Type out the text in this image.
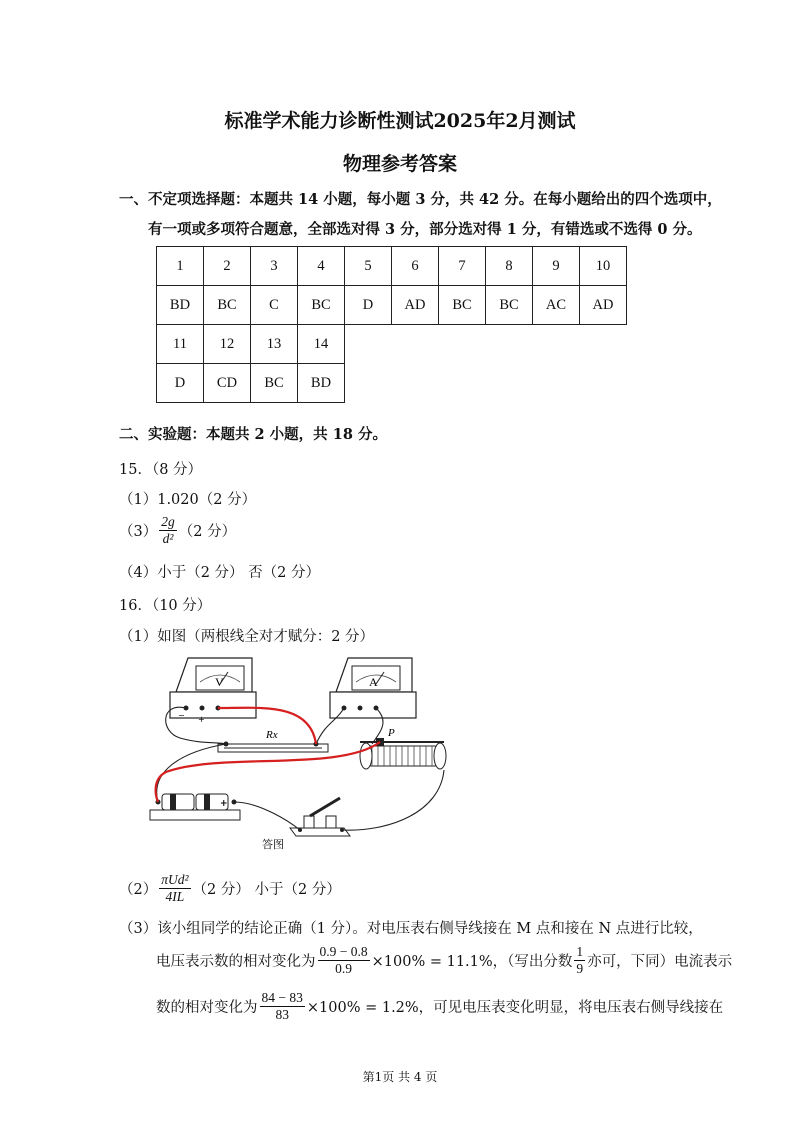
标准学术能力诊断性测试2025年2月测试
物理参考答案
一、不定项选择题：本题共 14 小题，每小题 3 分，共 42 分。在每小题给出的四个选项中，
有一项或多项符合题意，全部选对得 3 分，部分选对得 1 分，有错选或不选得 0 分。
1	2	3	4	5	6	7	8	9	10
BD	BC	C	BC	D	AD	BC	BC	AC	AD
11	12	13	14
D	CD	BC	BD
二、实验题：本题共 2 小题，共 18 分。
15．（8 分）
（1）1.020（2 分）
$(3) \frac{2g}{\text{d²}} (2$ 分）
（4）小于（2 分） 否（2 分）
16．（10 分）
（1）如图（两根线全对才赋分：2 分）
V
− +
A
Rx	P
+
答图
$(2) \frac{\text{πUd²}}{4IL} (2$ 分） 小于（2 分）
（3）该小组同学的结论正确（1 分）。对电压表右侧导线接在 M 点和接在 N 点进行比较，
电压表示数的相对变化为 $\frac{0.9 - 0.8}{0.9} \times 100\% = 11.1\%$，（写出分数 $\frac{1}{9}$ 亦可，下同）电流表示
数的相对变化为 $\frac{84 - 83}{83} \times 100\% = 1.2\%$，可见电压表变化明显，将电压表右侧导线接在
第1页 共 4 页
